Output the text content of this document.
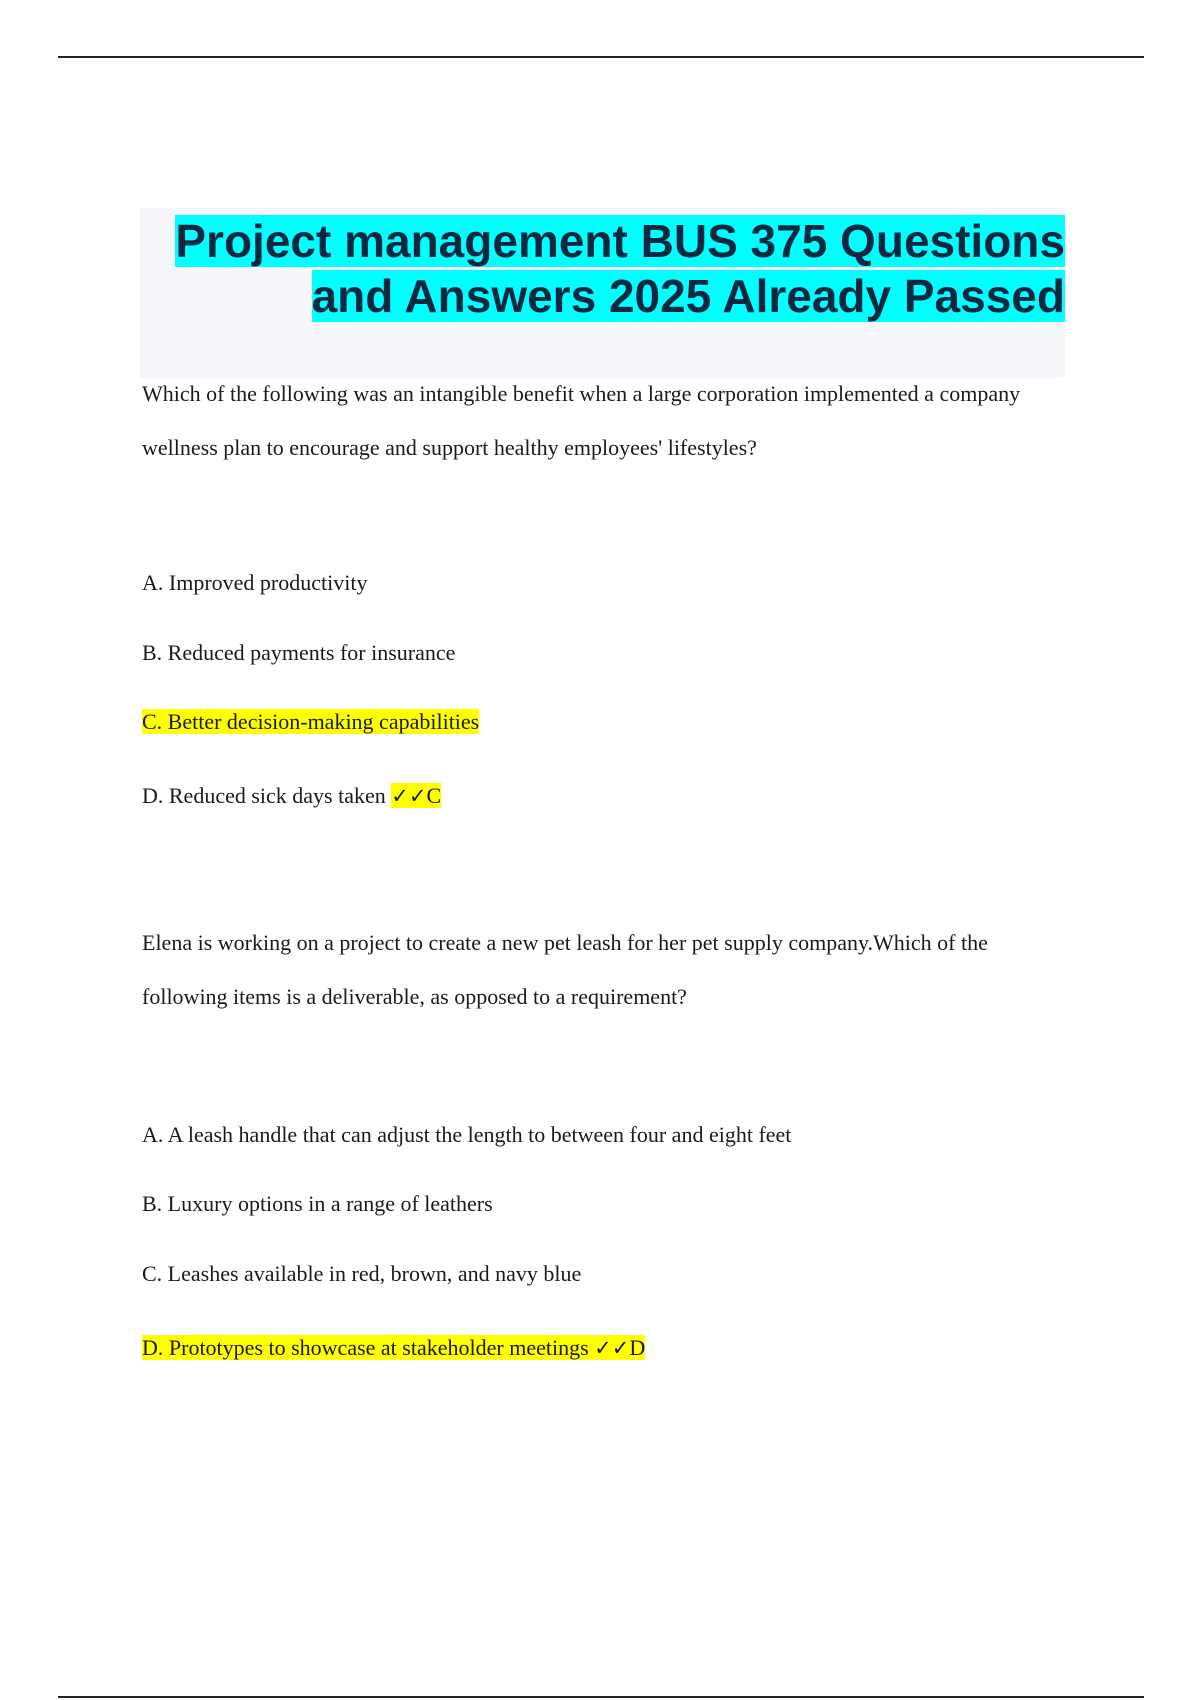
Project management BUS 375 Questions
and Answers 2025 Already Passed
Which of the following was an intangible benefit when a large corporation implemented a company wellness plan to encourage and support healthy employees' lifestyles?
A. Improved productivity
B. Reduced payments for insurance
C. Better decision-making capabilities
D. Reduced sick days taken ✓✓C
Elena is working on a project to create a new pet leash for her pet supply company.Which of the following items is a deliverable, as opposed to a requirement?
A. A leash handle that can adjust the length to between four and eight feet
B. Luxury options in a range of leathers
C. Leashes available in red, brown, and navy blue
D. Prototypes to showcase at stakeholder meetings ✓✓D
